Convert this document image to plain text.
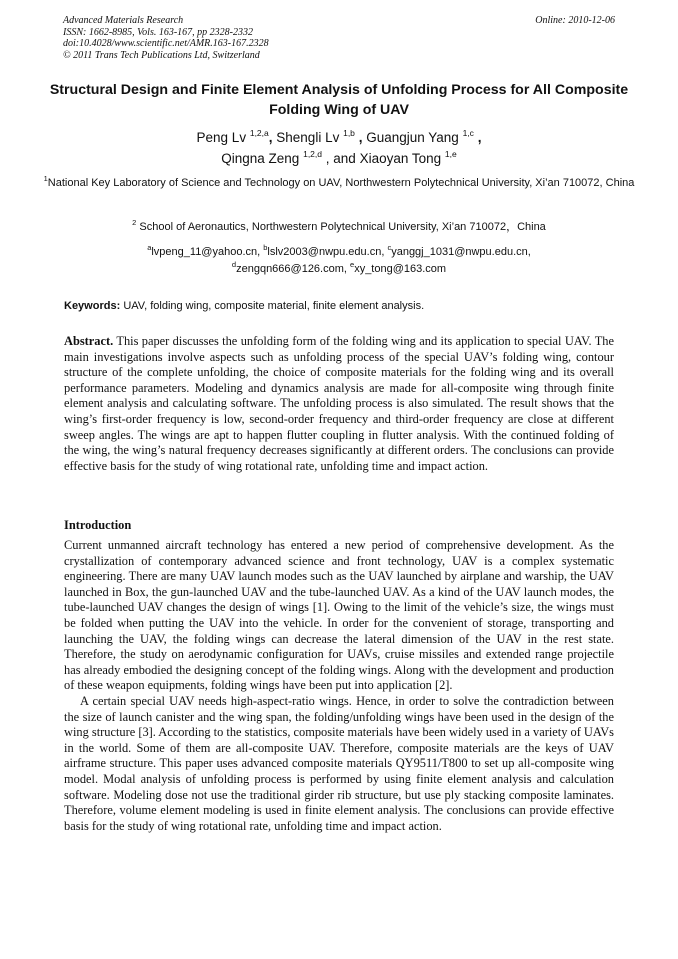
Advanced Materials Research
ISSN: 1662-8985, Vols. 163-167, pp 2328-2332
doi:10.4028/www.scientific.net/AMR.163-167.2328
© 2011 Trans Tech Publications Ltd, Switzerland
Online: 2010-12-06
Structural Design and Finite Element Analysis of Unfolding Process for All Composite Folding Wing of UAV
Peng Lv $^{1,2,a}$, Shengli Lv $^{1,b}$ , Guangjun Yang $^{1,c}$ ,
Qingna Zeng $^{1,2,d}$ , and Xiaoyan Tong $^{1,e}$
$^1$National Key Laboratory of Science and Technology on UAV, Northwestern Polytechnical University, Xi’an 710072, China
$^2$ School of Aeronautics, Northwestern Polytechnical University, Xi’an 710072，China
$^a$lvpeng_11@yahoo.cn, $^b$lslv2003@nwpu.edu.cn, $^c$yanggj_1031@nwpu.edu.cn,
$^d$zengqn666@126.com, $^e$xy_tong@163.com
Keywords: UAV, folding wing, composite material, finite element analysis.
Abstract. This paper discusses the unfolding form of the folding wing and its application to special UAV. The main investigations involve aspects such as unfolding process of the special UAV’s folding wing, contour structure of the complete unfolding, the choice of composite materials for the folding wing and its overall performance parameters. Modeling and dynamics analysis are made for all-composite wing through finite element analysis and calculating software. The unfolding process is also simulated. The result shows that the wing’s first-order frequency is low, second-order frequency and third-order frequency are close at different sweep angles. The wings are apt to happen flutter coupling in flutter analysis. With the continued folding of the wing, the wing’s natural frequency decreases significantly at different orders. The conclusions can provide effective basis for the study of wing rotational rate, unfolding time and impact action.
Introduction

Current unmanned aircraft technology has entered a new period of comprehensive development. As the crystallization of contemporary advanced science and front technology, UAV is a complex systematic engineering. There are many UAV launch modes such as the UAV launched by airplane and warship, the UAV launched in Box, the gun-launched UAV and the tube-launched UAV. As a kind of the UAV launch modes, the tube-launched UAV changes the design of wings [1]. Owing to the limit of the vehicle’s size, the wings must be folded when putting the UAV into the vehicle. In order for the convenient of storage, transporting and launching the UAV, the folding wings can decrease the lateral dimension of the UAV in the rest state. Therefore, the study on aerodynamic configuration for UAVs, cruise missiles and extended range projectile has already embodied the designing concept of the folding wings. Along with the development and production of these weapon equipments, folding wings have been put into application [2].

A certain special UAV needs high-aspect-ratio wings. Hence, in order to solve the contradiction between the size of launch canister and the wing span, the folding/unfolding wings have been used in the design of the wing structure [3]. According to the statistics, composite materials have been widely used in a variety of UAVs in the world. Some of them are all-composite UAV. Therefore, composite materials are the keys of UAV airframe structure. This paper uses advanced composite materials QY9511/T800 to set up all-composite wing model. Modal analysis of unfolding process is performed by using finite element analysis and calculation software. Modeling dose not use the traditional girder rib structure, but use ply stacking composite laminates. Therefore, volume element modeling is used in finite element analysis. The conclusions can provide effective basis for the study of wing rotational rate, unfolding time and impact action.
